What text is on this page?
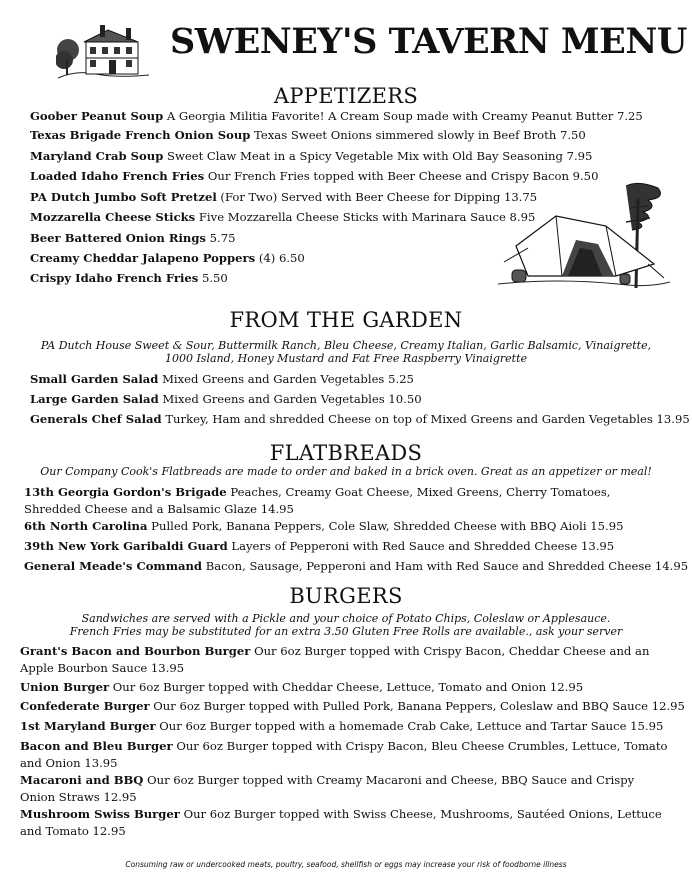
SWENEY'S TAVERN MENU
APPETIZERS
Goober Peanut Soup A Georgia Militia Favorite! A Cream Soup made with Creamy Peanut Butter 7.25
Texas Brigade French Onion Soup Texas Sweet Onions simmered slowly in Beef Broth 7.50
Maryland Crab Soup Sweet Claw Meat in a Spicy Vegetable Mix with Old Bay Seasoning 7.95
Loaded Idaho French Fries Our French Fries topped with Beer Cheese and Crispy Bacon 9.50
PA Dutch Jumbo Soft Pretzel (For Two) Served with Beer Cheese for Dipping 13.75
Mozzarella Cheese Sticks Five Mozzarella Cheese Sticks with Marinara Sauce 8.95
Beer Battered Onion Rings 5.75
Creamy Cheddar Jalapeno Poppers (4) 6.50
Crispy Idaho French Fries 5.50
FROM THE GARDEN
PA Dutch House Sweet & Sour, Buttermilk Ranch, Bleu Cheese, Creamy Italian, Garlic Balsamic, Vinaigrette,
1000 Island, Honey Mustard and Fat Free Raspberry Vinaigrette
Small Garden Salad Mixed Greens and Garden Vegetables 5.25
Large Garden Salad Mixed Greens and Garden Vegetables 10.50
Generals Chef Salad Turkey, Ham and shredded Cheese on top of Mixed Greens and Garden Vegetables 13.95
FLATBREADS
Our Company Cook's Flatbreads are made to order and baked in a brick oven. Great as an appetizer or meal!
13th Georgia Gordon's Brigade Peaches, Creamy Goat Cheese, Mixed Greens, Cherry Tomatoes, Shredded Cheese and a Balsamic Glaze 14.95
6th North Carolina Pulled Pork, Banana Peppers, Cole Slaw, Shredded Cheese with BBQ Aioli 15.95
39th New York Garibaldi Guard Layers of Pepperoni with Red Sauce and Shredded Cheese 13.95
General Meade's Command Bacon, Sausage, Pepperoni and Ham with Red Sauce and Shredded Cheese 14.95
BURGERS
Sandwiches are served with a Pickle and your choice of Potato Chips, Coleslaw or Applesauce.
French Fries may be substituted for an extra 3.50 Gluten Free Rolls are available., ask your server
Grant's Bacon and Bourbon Burger Our 6oz Burger topped with Crispy Bacon, Cheddar Cheese and an Apple Bourbon Sauce 13.95
Union Burger Our 6oz Burger topped with Cheddar Cheese, Lettuce, Tomato and Onion 12.95
Confederate Burger Our 6oz Burger topped with Pulled Pork, Banana Peppers, Coleslaw and BBQ Sauce 12.95
1st Maryland Burger Our 6oz Burger topped with a homemade Crab Cake, Lettuce and Tartar Sauce 15.95
Bacon and Bleu Burger Our 6oz Burger topped with Crispy Bacon, Bleu Cheese Crumbles, Lettuce, Tomato and Onion 13.95
Macaroni and BBQ Our 6oz Burger topped with Creamy Macaroni and Cheese, BBQ Sauce and Crispy Onion Straws 12.95
Mushroom Swiss Burger Our 6oz Burger topped with Swiss Cheese, Mushrooms, Sautéed Onions, Lettuce and Tomato 12.95
Consuming raw or undercooked meats, poultry, seafood, shellfish or eggs may increase your risk of foodborne illness
